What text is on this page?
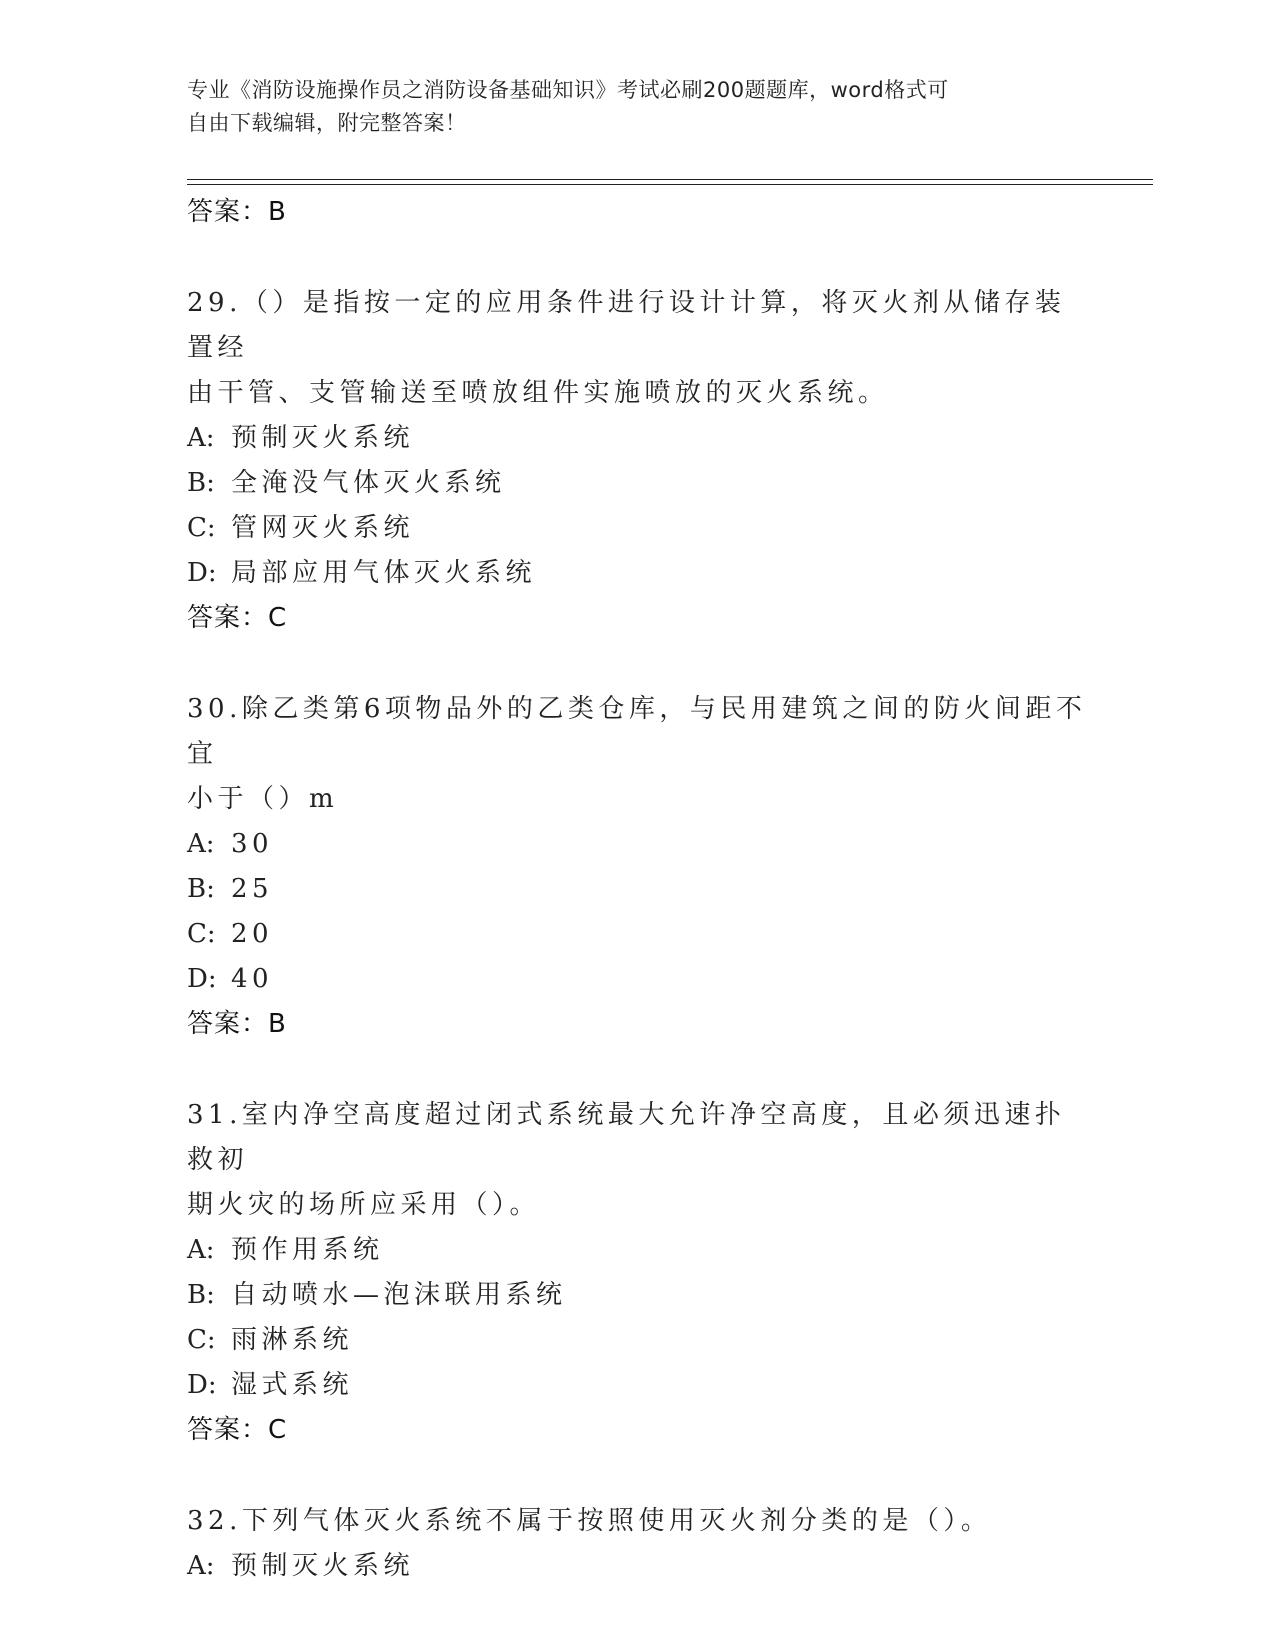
专业《消防设施操作员之消防设备基础知识》考试必刷200题题库，word格式可
自由下载编辑，附完整答案！
答案：B
29.（）是指按一定的应用条件进行设计计算，将灭火剂从储存装置经
由干管、支管输送至喷放组件实施喷放的灭火系统。
A: 预制灭火系统
B: 全淹没气体灭火系统
C: 管网灭火系统
D: 局部应用气体灭火系统
答案：C
30.除乙类第6项物品外的乙类仓库，与民用建筑之间的防火间距不宜
小于（）m
A: 30
B: 25
C: 20
D: 40
答案：B
31.室内净空高度超过闭式系统最大允许净空高度，且必须迅速扑救初
期火灾的场所应采用（）。
A: 预作用系统
B: 自动喷水—泡沫联用系统
C: 雨淋系统
D: 湿式系统
答案：C
32.下列气体灭火系统不属于按照使用灭火剂分类的是（）。
A: 预制灭火系统
